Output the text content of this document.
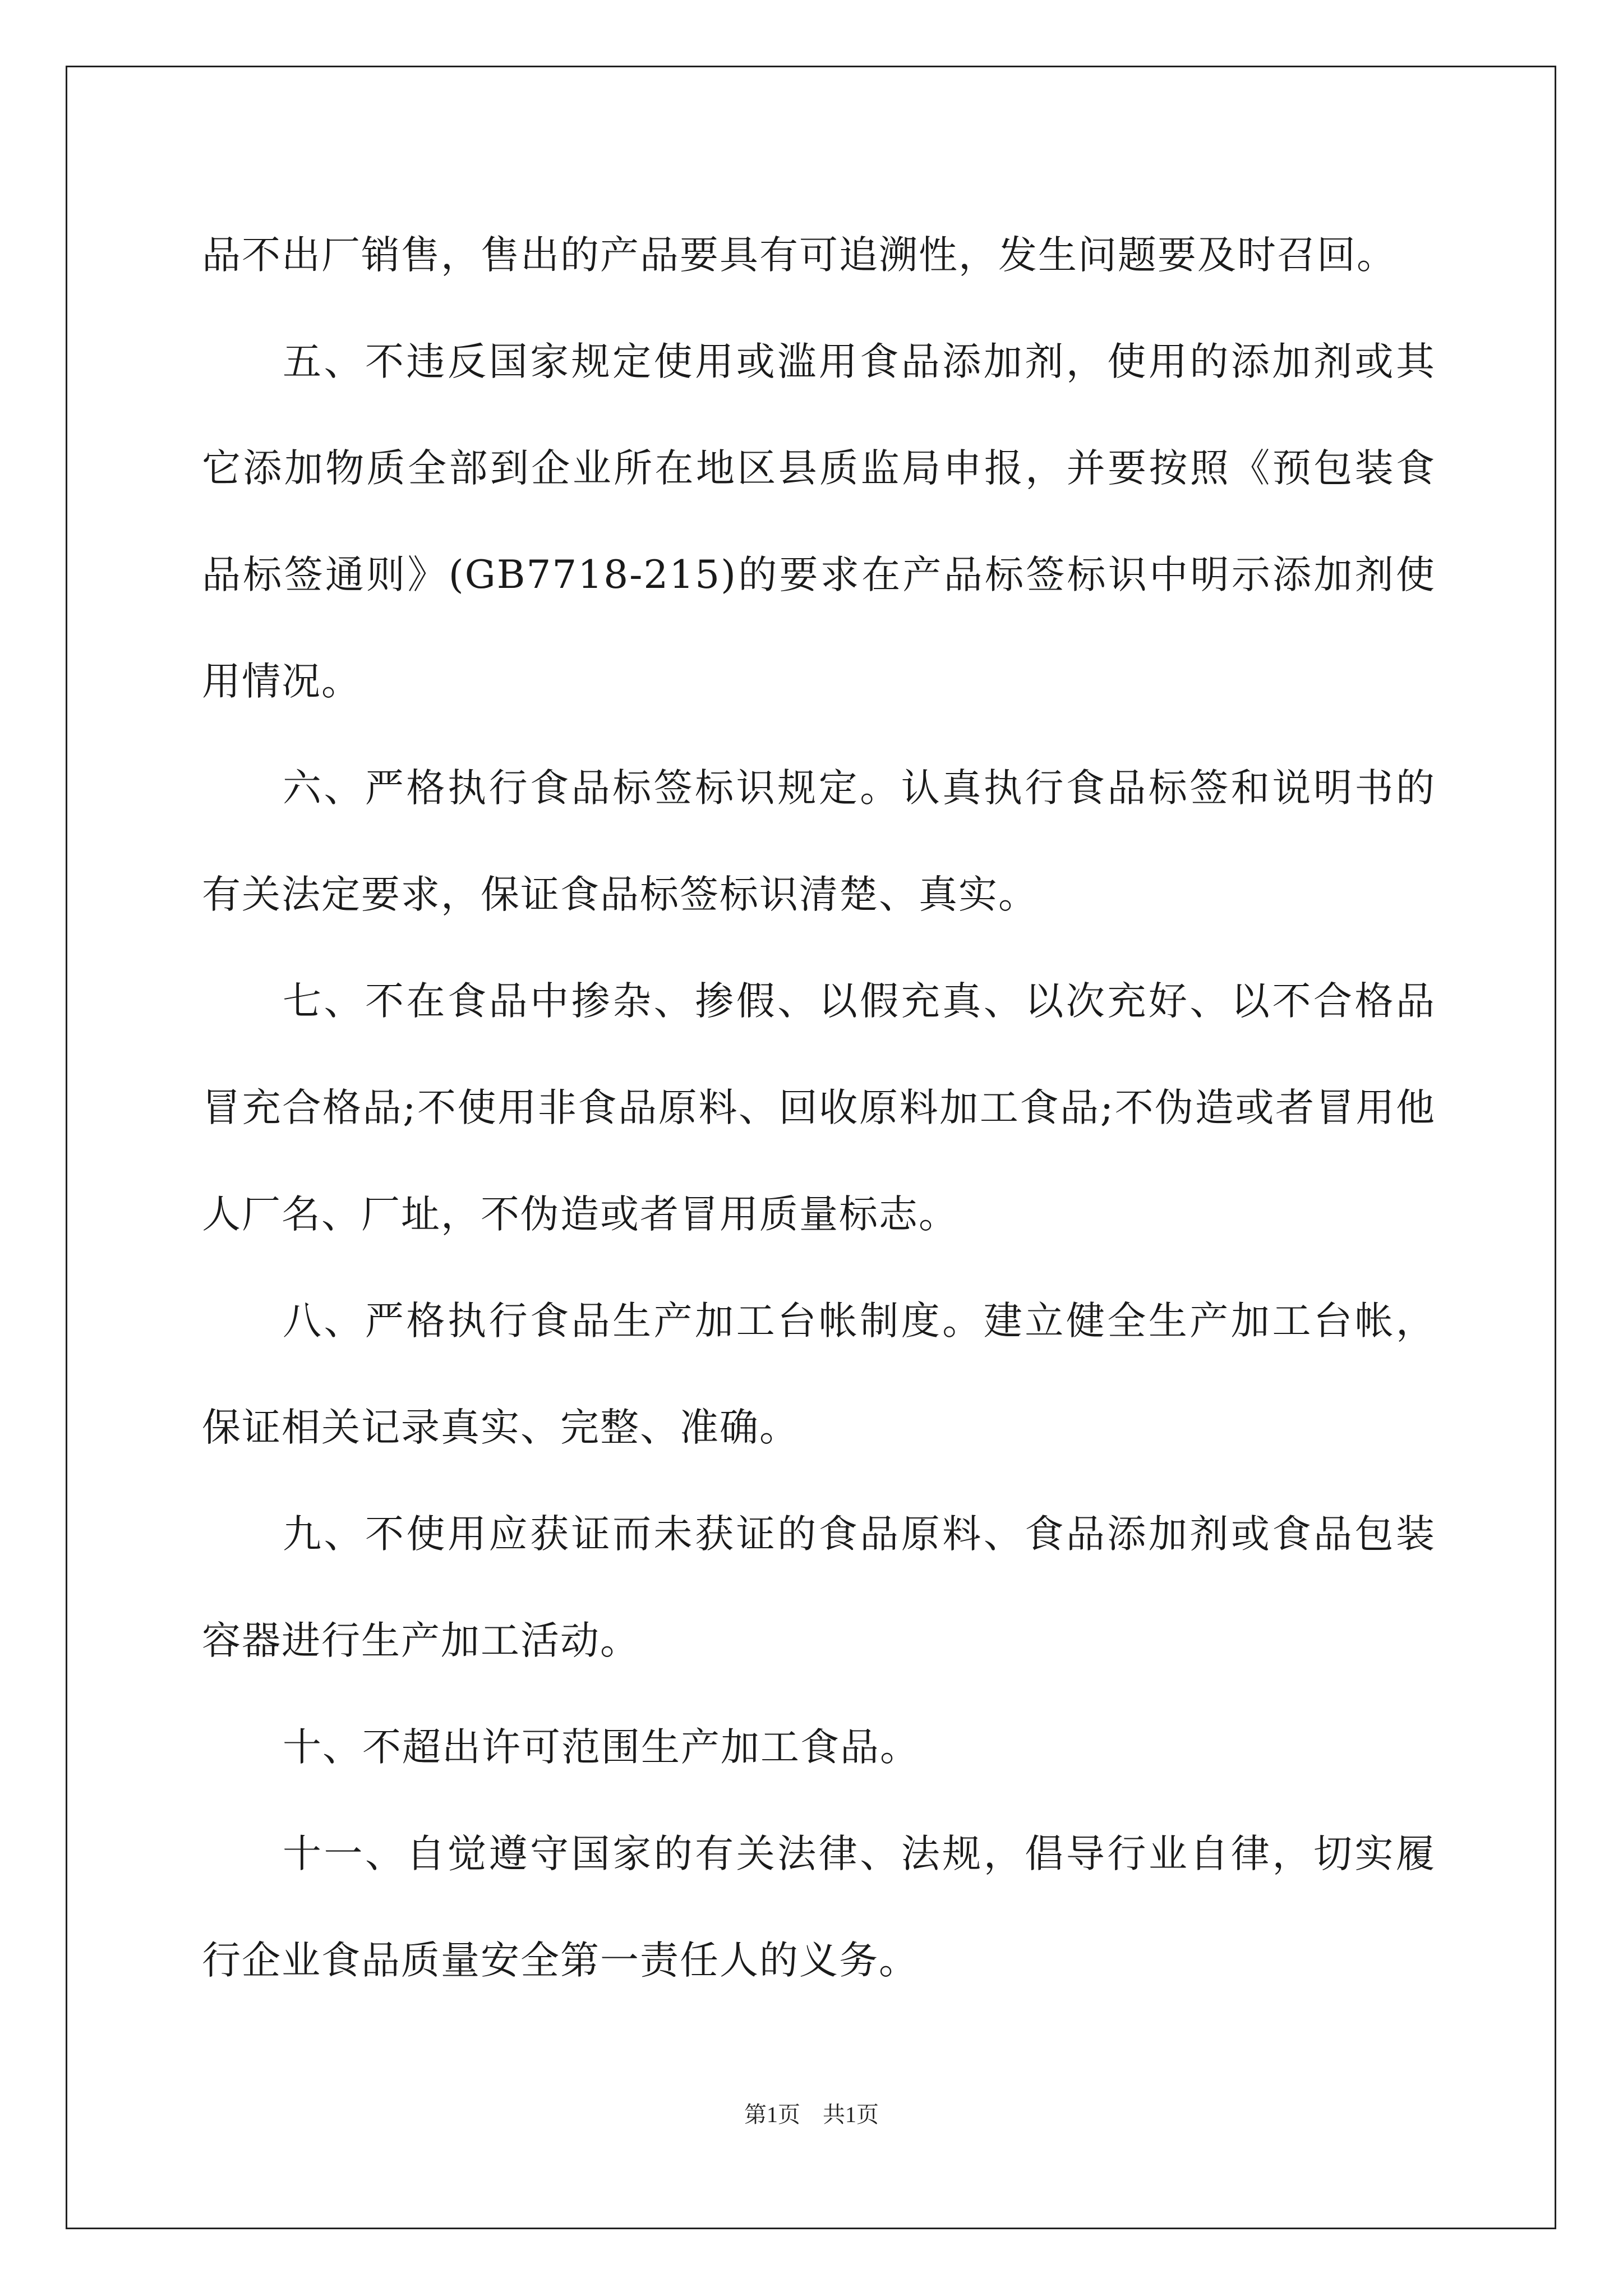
品不出厂销售，售出的产品要具有可追溯性，发生问题要及时召回。

五、不违反国家规定使用或滥用食品添加剂，使用的添加剂或其它添加物质全部到企业所在地区县质监局申报，并要按照《预包装食品标签通则》(GB7718-215)的要求在产品标签标识中明示添加剂使用情况。

六、严格执行食品标签标识规定。认真执行食品标签和说明书的有关法定要求，保证食品标签标识清楚、真实。

七、不在食品中掺杂、掺假、以假充真、以次充好、以不合格品冒充合格品;不使用非食品原料、回收原料加工食品;不伪造或者冒用他人厂名、厂址，不伪造或者冒用质量标志。

八、严格执行食品生产加工台帐制度。建立健全生产加工台帐，保证相关记录真实、完整、准确。

九、不使用应获证而未获证的食品原料、食品添加剂或食品包装容器进行生产加工活动。

十、不超出许可范围生产加工食品。

十一、自觉遵守国家的有关法律、法规，倡导行业自律，切实履行企业食品质量安全第一责任人的义务。

第1页 共1页
